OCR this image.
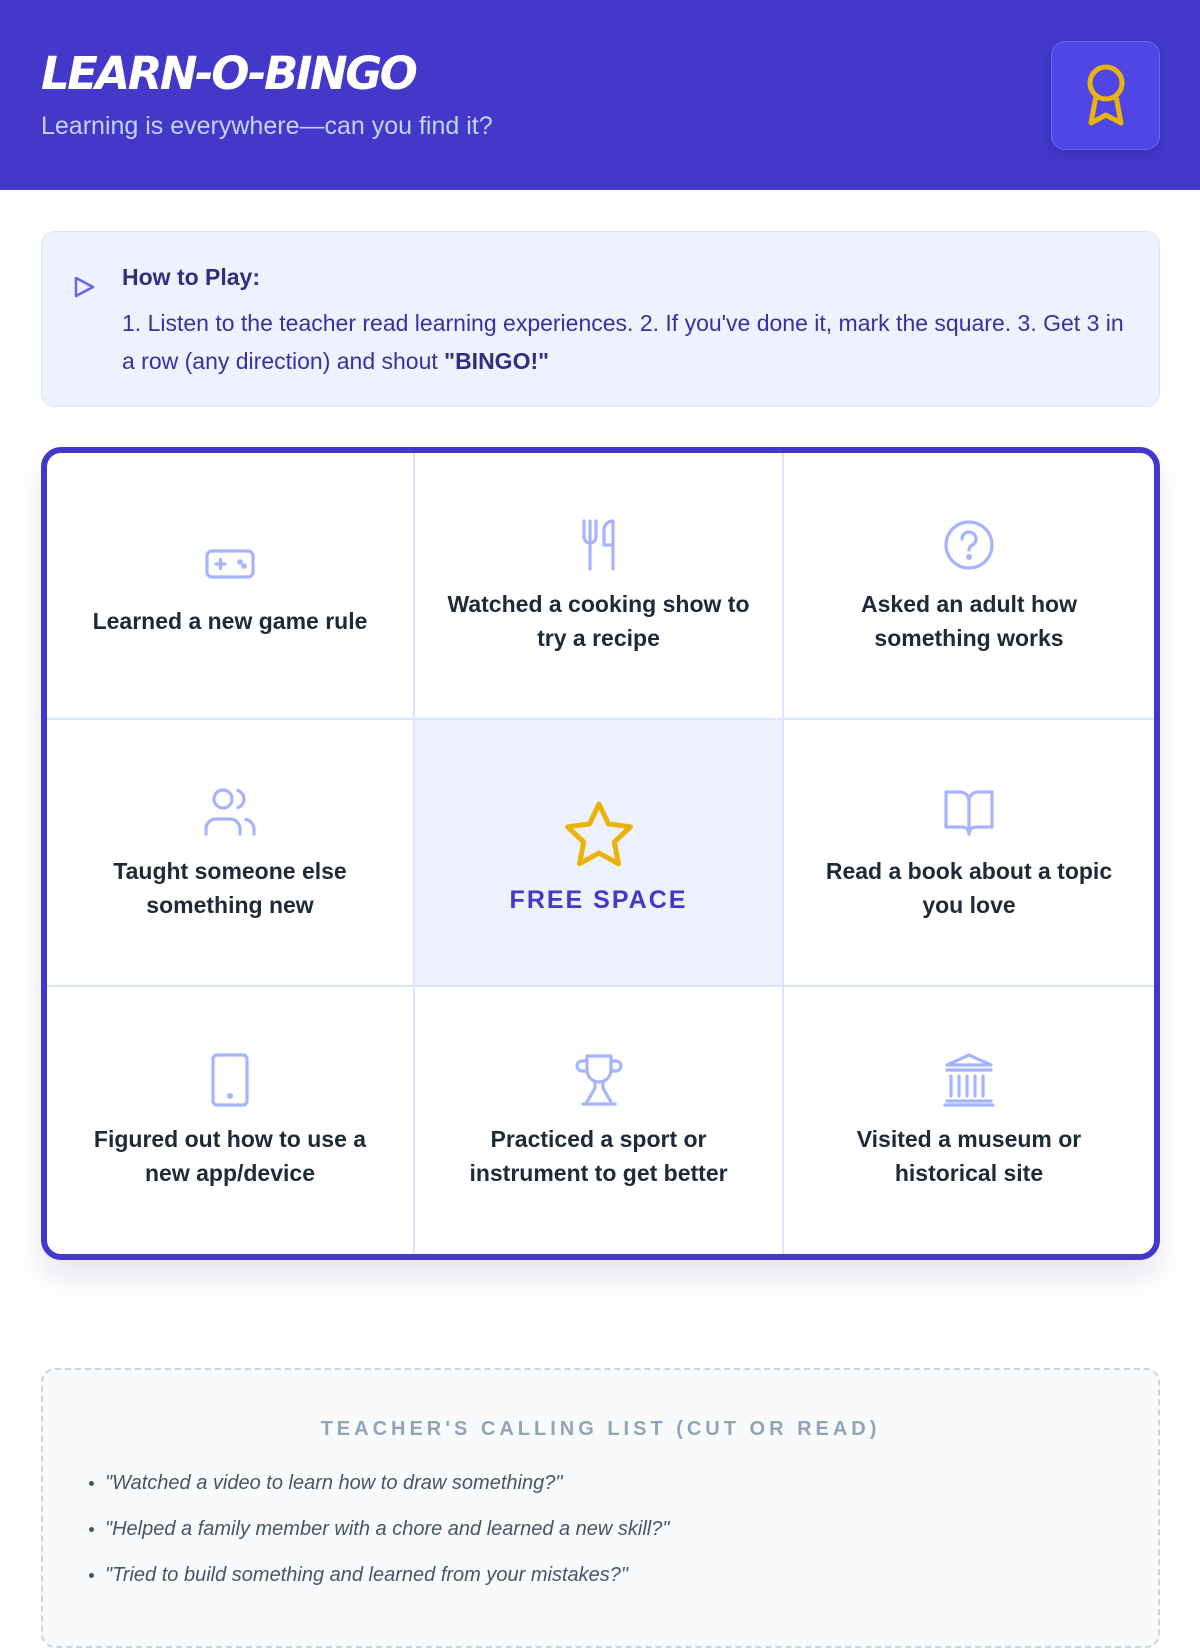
LEARN-O-BINGO
Learning is everywhere—can you find it?
How to Play:
1. Listen to the teacher read learning experiences. 2. If you've done it, mark the square. 3. Get 3 in a row (any direction) and shout "BINGO!"
Learned a new game rule
Watched a cooking show to try a recipe
Asked an adult how something works
Taught someone else something new	FREE SPACE
Read a book about a topic you love
Figured out how to use a new app/device
Practiced a sport or instrument to get better
Visited a museum or historical site
TEACHER'S CALLING LIST (CUT OR READ)
"Watched a video to learn how to draw something?"
"Helped a family member with a chore and learned a new skill?"
"Tried to build something and learned from your mistakes?"
